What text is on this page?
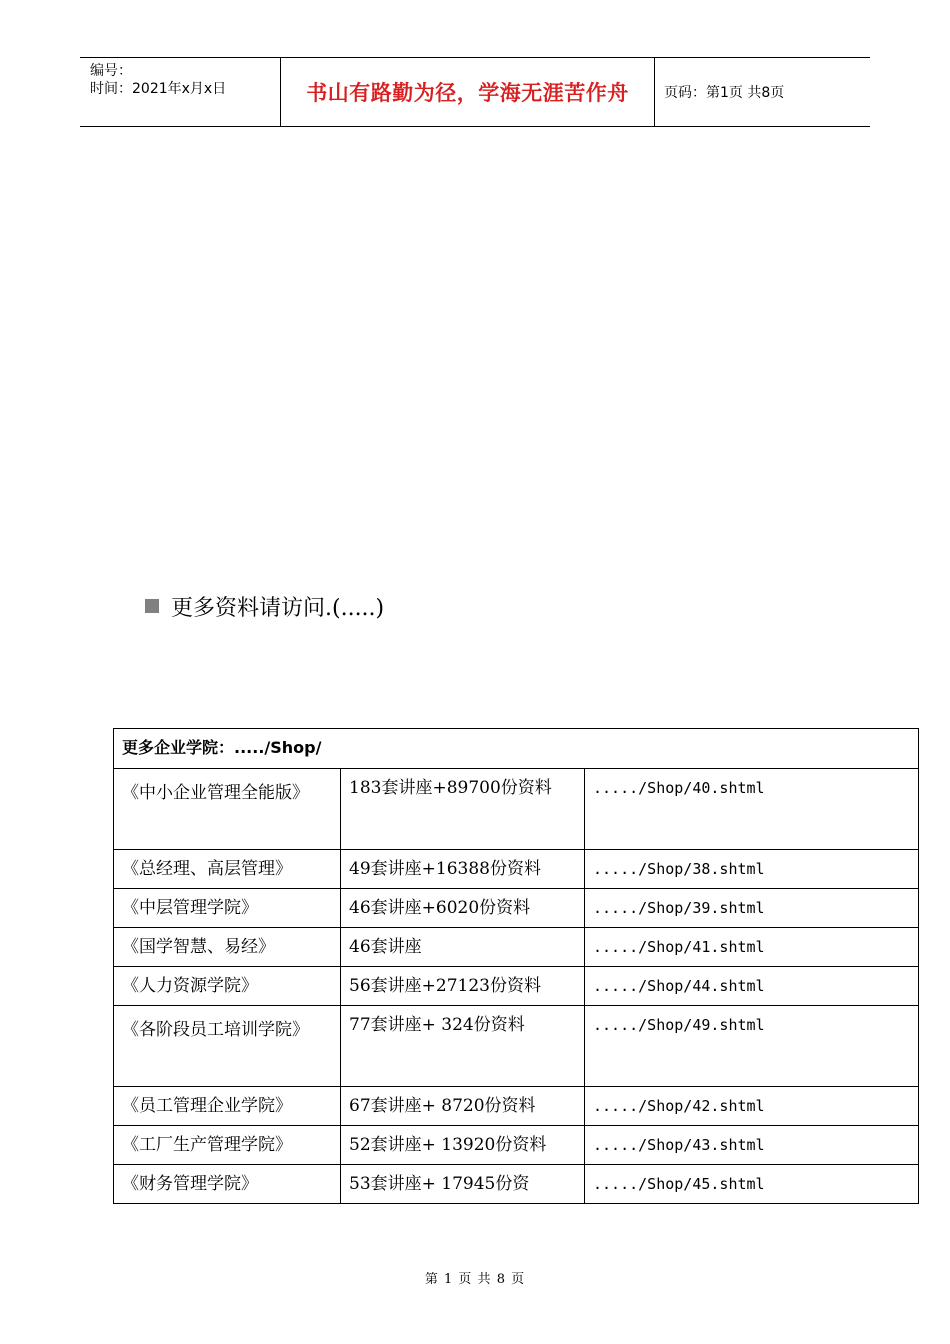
编号：
时间：2021年x月x日	书山有路勤为径，学海无涯苦作舟	页码：第1页 共8页
更多资料请访问.(.....)
更多企业学院：...../Shop/		
《中小企业管理全能版》	183套讲座+89700份资料	...../Shop/40.shtml
《总经理、高层管理》	49套讲座+16388份资料	...../Shop/38.shtml
《中层管理学院》	46套讲座+6020份资料	...../Shop/39.shtml
《国学智慧、易经》	46套讲座	...../Shop/41.shtml
《人力资源学院》	56套讲座+27123份资料	...../Shop/44.shtml
《各阶段员工培训学院》	77套讲座+ 324份资料	...../Shop/49.shtml
《员工管理企业学院》	67套讲座+ 8720份资料	...../Shop/42.shtml
《工厂生产管理学院》	52套讲座+ 13920份资料	...../Shop/43.shtml
《财务管理学院》	53套讲座+ 17945份资	...../Shop/45.shtml
第 1 页 共 8 页
